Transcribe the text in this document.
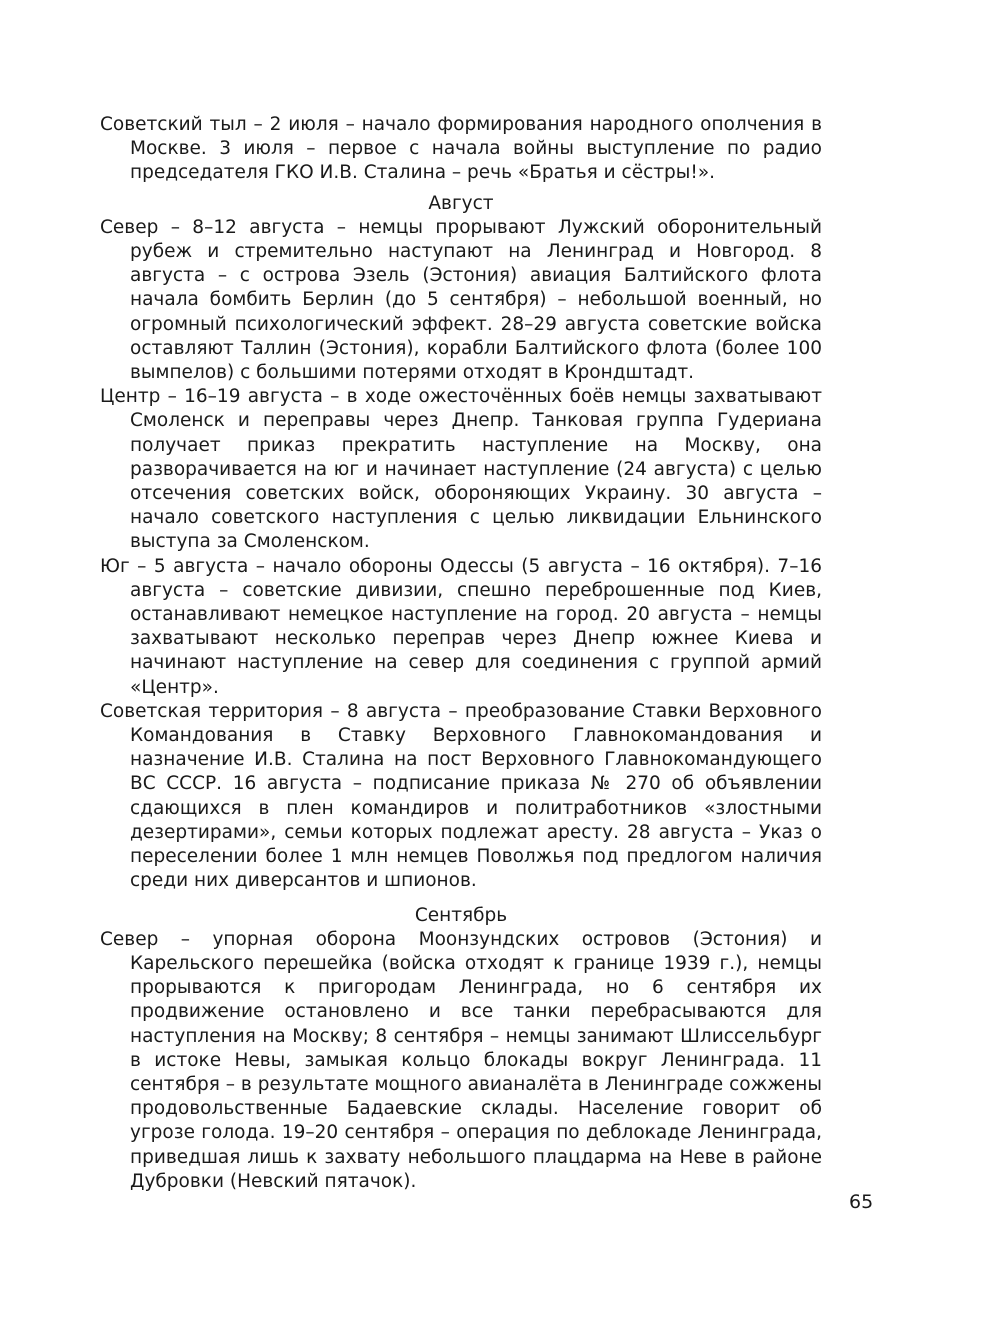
Советский тыл – 2 июля – начало формирования народного ополчения в Москве. 3 июля – первое с начала войны выступление по радио председателя ГКО И.В. Сталина – речь «Братья и сёстры!».

Август

Север – 8–12 августа – немцы прорывают Лужский оборонительный рубеж и стремительно наступают на Ленинград и Новгород. 8 августа – с острова Эзель (Эстония) авиация Балтийского флота начала бомбить Берлин (до 5 сентября) – небольшой военный, но огромный психологический эффект. 28–29 августа советские войска оставляют Таллин (Эстония), корабли Балтийского флота (более 100 вымпелов) с большими потерями отходят в Крондштадт.

Центр – 16–19 августа – в ходе ожесточённых боёв немцы захватывают Смоленск и переправы через Днепр. Танковая группа Гудериана получает приказ прекратить наступление на Москву, она разворачивается на юг и начинает наступление (24 августа) с целью отсечения советских войск, обороняющих Украину. 30 августа – начало советского наступления с целью ликвидации Ельнинского выступа за Смоленском.

Юг – 5 августа – начало обороны Одессы (5 августа – 16 октября). 7–16 августа – советские дивизии, спешно переброшенные под Киев, останавливают немецкое наступление на город. 20 августа – немцы захватывают несколько переправ через Днепр южнее Киева и начинают наступление на север для соединения с группой армий «Центр».

Советская территория – 8 августа – преобразование Ставки Верховного Командования в Ставку Верховного Главнокомандования и назначение И.В. Сталина на пост Верховного Главнокомандующего ВС СССР. 16 августа – подписание приказа № 270 об объявлении сдающихся в плен командиров и политработников «злостными дезертирами», семьи которых подлежат аресту. 28 августа – Указ о переселении более 1 млн немцев Поволжья под предлогом наличия среди них диверсантов и шпионов.

Сентябрь

Север – упорная оборона Моонзундских островов (Эстония) и Карельского перешейка (войска отходят к границе 1939 г.), немцы прорываются к пригородам Ленинграда, но 6 сентября их продвижение остановлено и все танки перебрасываются для наступления на Москву; 8 сентября – немцы занимают Шлиссельбург в истоке Невы, замыкая кольцо блокады вокруг Ленинграда. 11 сентября – в результате мощного авианалёта в Ленинграде сожжены продовольственные Бадаевские склады. Население говорит об угрозе голода. 19–20 сентября – операция по деблокаде Ленинграда, приведшая лишь к захвату небольшого плацдарма на Неве в районе Дубровки (Невский пятачок).

65
